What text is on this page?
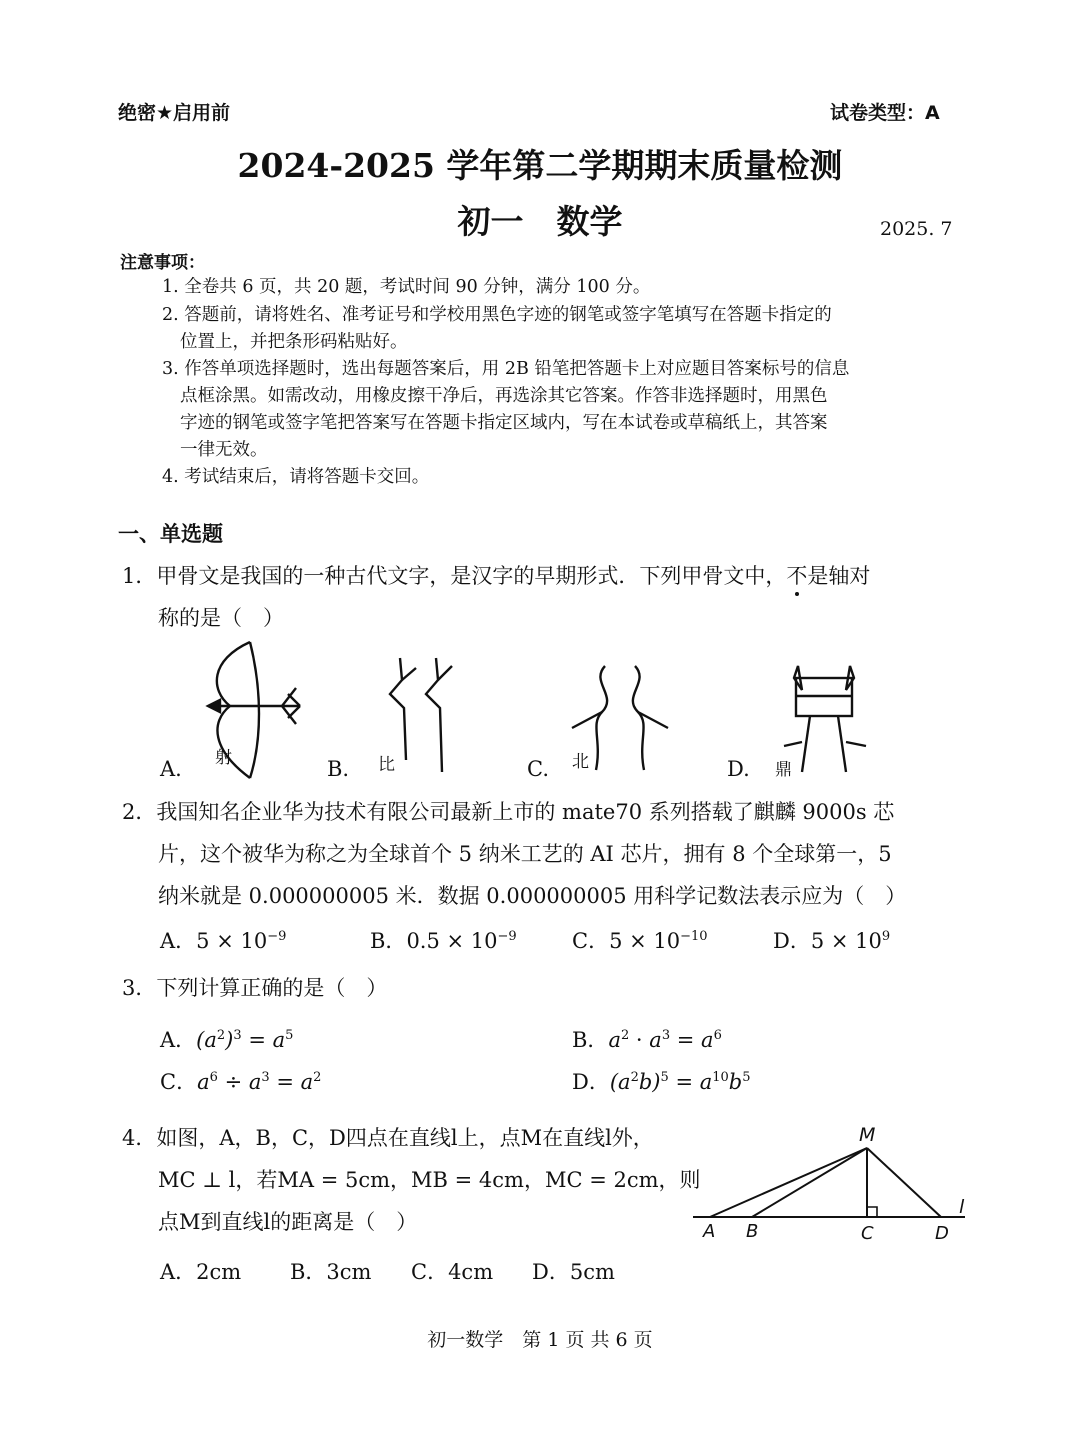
绝密★启用前	试卷类型：A
2024-2025 学年第二学期期末质量检测
初一　数学	2025. 7
注意事项：
1. 全卷共 6 页，共 20 题，考试时间 90 分钟，满分 100 分。
2. 答题前，请将姓名、准考证号和学校用黑色字迹的钢笔或签字笔填写在答题卡指定的
位置上，并把条形码粘贴好。
3. 作答单项选择题时，选出每题答案后，用 2B 铅笔把答题卡上对应题目答案标号的信息
点框涂黑。如需改动，用橡皮擦干净后，再选涂其它答案。作答非选择题时，用黑色
字迹的钢笔或签字笔把答案写在答题卡指定区域内，写在本试卷或草稿纸上，其答案
一律无效。
4. 考试结束后，请将答题卡交回。
一、单选题
1．甲骨文是我国的一种古代文字，是汉字的早期形式．下列甲骨文中，不是轴对
称的是（　）
射	比	北	鼎
A.	B.	C.	D.
2．我国知名企业华为技术有限公司最新上市的 mate70 系列搭载了麒麟 9000s 芯
片，这个被华为称之为全球首个 5 纳米工艺的 AI 芯片，拥有 8 个全球第一，5
纳米就是 0.000000005 米．数据 0.000000005 用科学记数法表示应为（　）
A．$5 \times 10^{-9}$	B．$0.5 \times 10^{-9}$	C．$5 \times 10^{-10}$	D．$5 \times 10^9$
3．下列计算正确的是（　）
A．$(a^2)^3 = a^5$	B．$a^2 \cdot a^3 = a^6$
C．$a^6 \div a^3 = a^2$	D．$(a^2b)^5 = a^{10}b^5$
4．如图，A，B，C，D四点在直线l上，点M在直线l外，
MC ⊥ l，若MA = 5cm，MB = 4cm，MC = 2cm，则
点M到直线l的距离是（　）
A．2cm B．3cm C．4cm D．5cm
M
A B	C	D
l
初一数学　第 1 页 共 6 页
